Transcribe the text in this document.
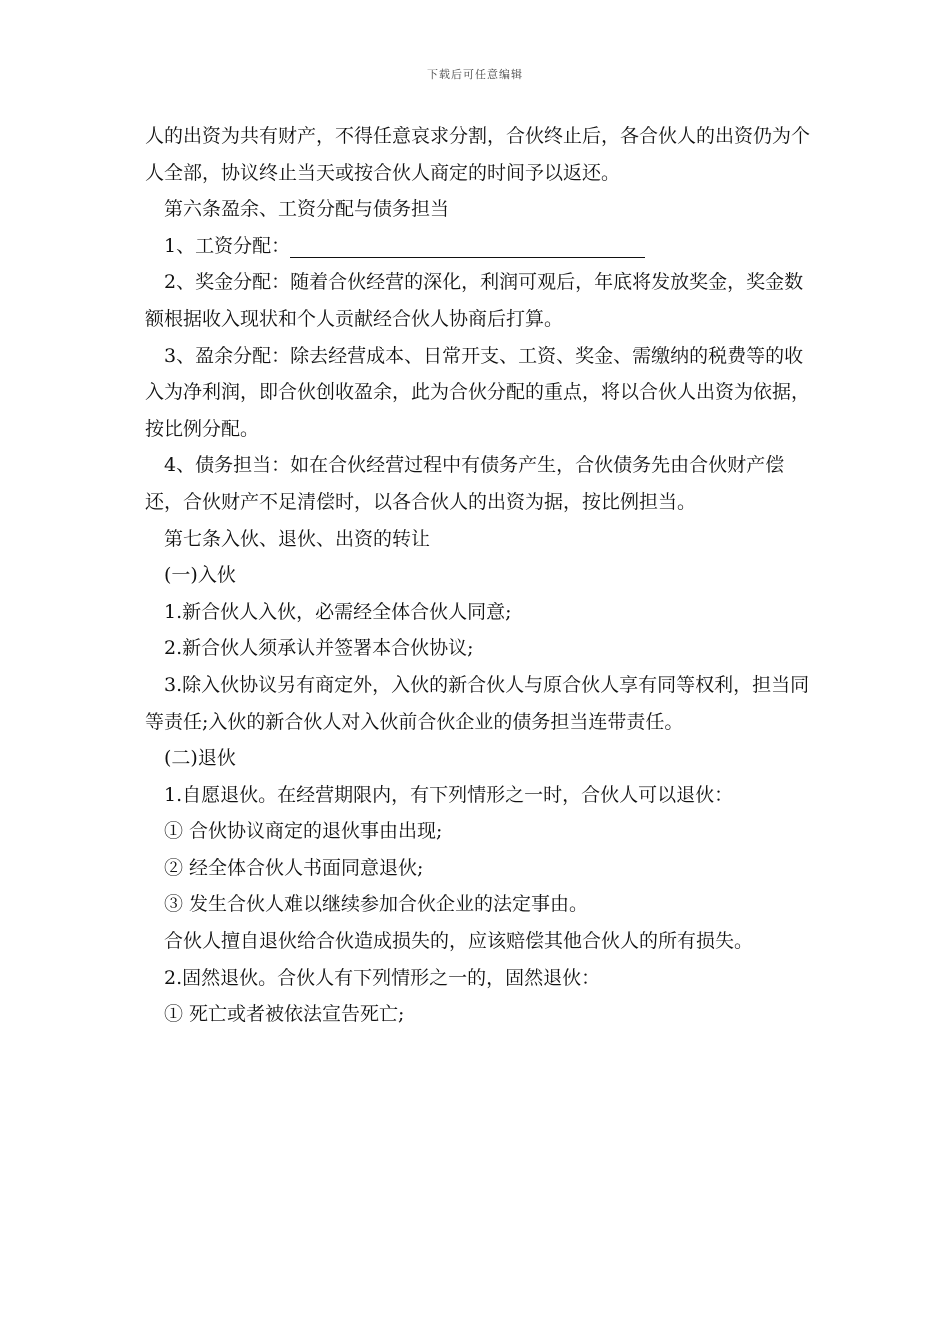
下载后可任意编辑

人的出资为共有财产，不得任意哀求分割，合伙终止后，各合伙人的出资仍为个人全部，协议终止当天或按合伙人商定的时间予以返还。

第六条盈余、工资分配与债务担当

1、工资分配：

2、奖金分配：随着合伙经营的深化，利润可观后，年底将发放奖金，奖金数额根据收入现状和个人贡献经合伙人协商后打算。

3、盈余分配：除去经营成本、日常开支、工资、奖金、需缴纳的税费等的收入为净利润，即合伙创收盈余，此为合伙分配的重点，将以合伙人出资为依据，按比例分配。

4、债务担当：如在合伙经营过程中有债务产生，合伙债务先由合伙财产偿还，合伙财产不足清偿时，以各合伙人的出资为据，按比例担当。

第七条入伙、退伙、出资的转让

(一)入伙

1.新合伙人入伙，必需经全体合伙人同意;

2.新合伙人须承认并签署本合伙协议;

3.除入伙协议另有商定外，入伙的新合伙人与原合伙人享有同等权利，担当同等责任;入伙的新合伙人对入伙前合伙企业的债务担当连带责任。

(二)退伙

1.自愿退伙。在经营期限内，有下列情形之一时，合伙人可以退伙：

① 合伙协议商定的退伙事由出现;

② 经全体合伙人书面同意退伙;

③ 发生合伙人难以继续参加合伙企业的法定事由。

合伙人擅自退伙给合伙造成损失的，应该赔偿其他合伙人的所有损失。

2.固然退伙。合伙人有下列情形之一的，固然退伙：

① 死亡或者被依法宣告死亡;
